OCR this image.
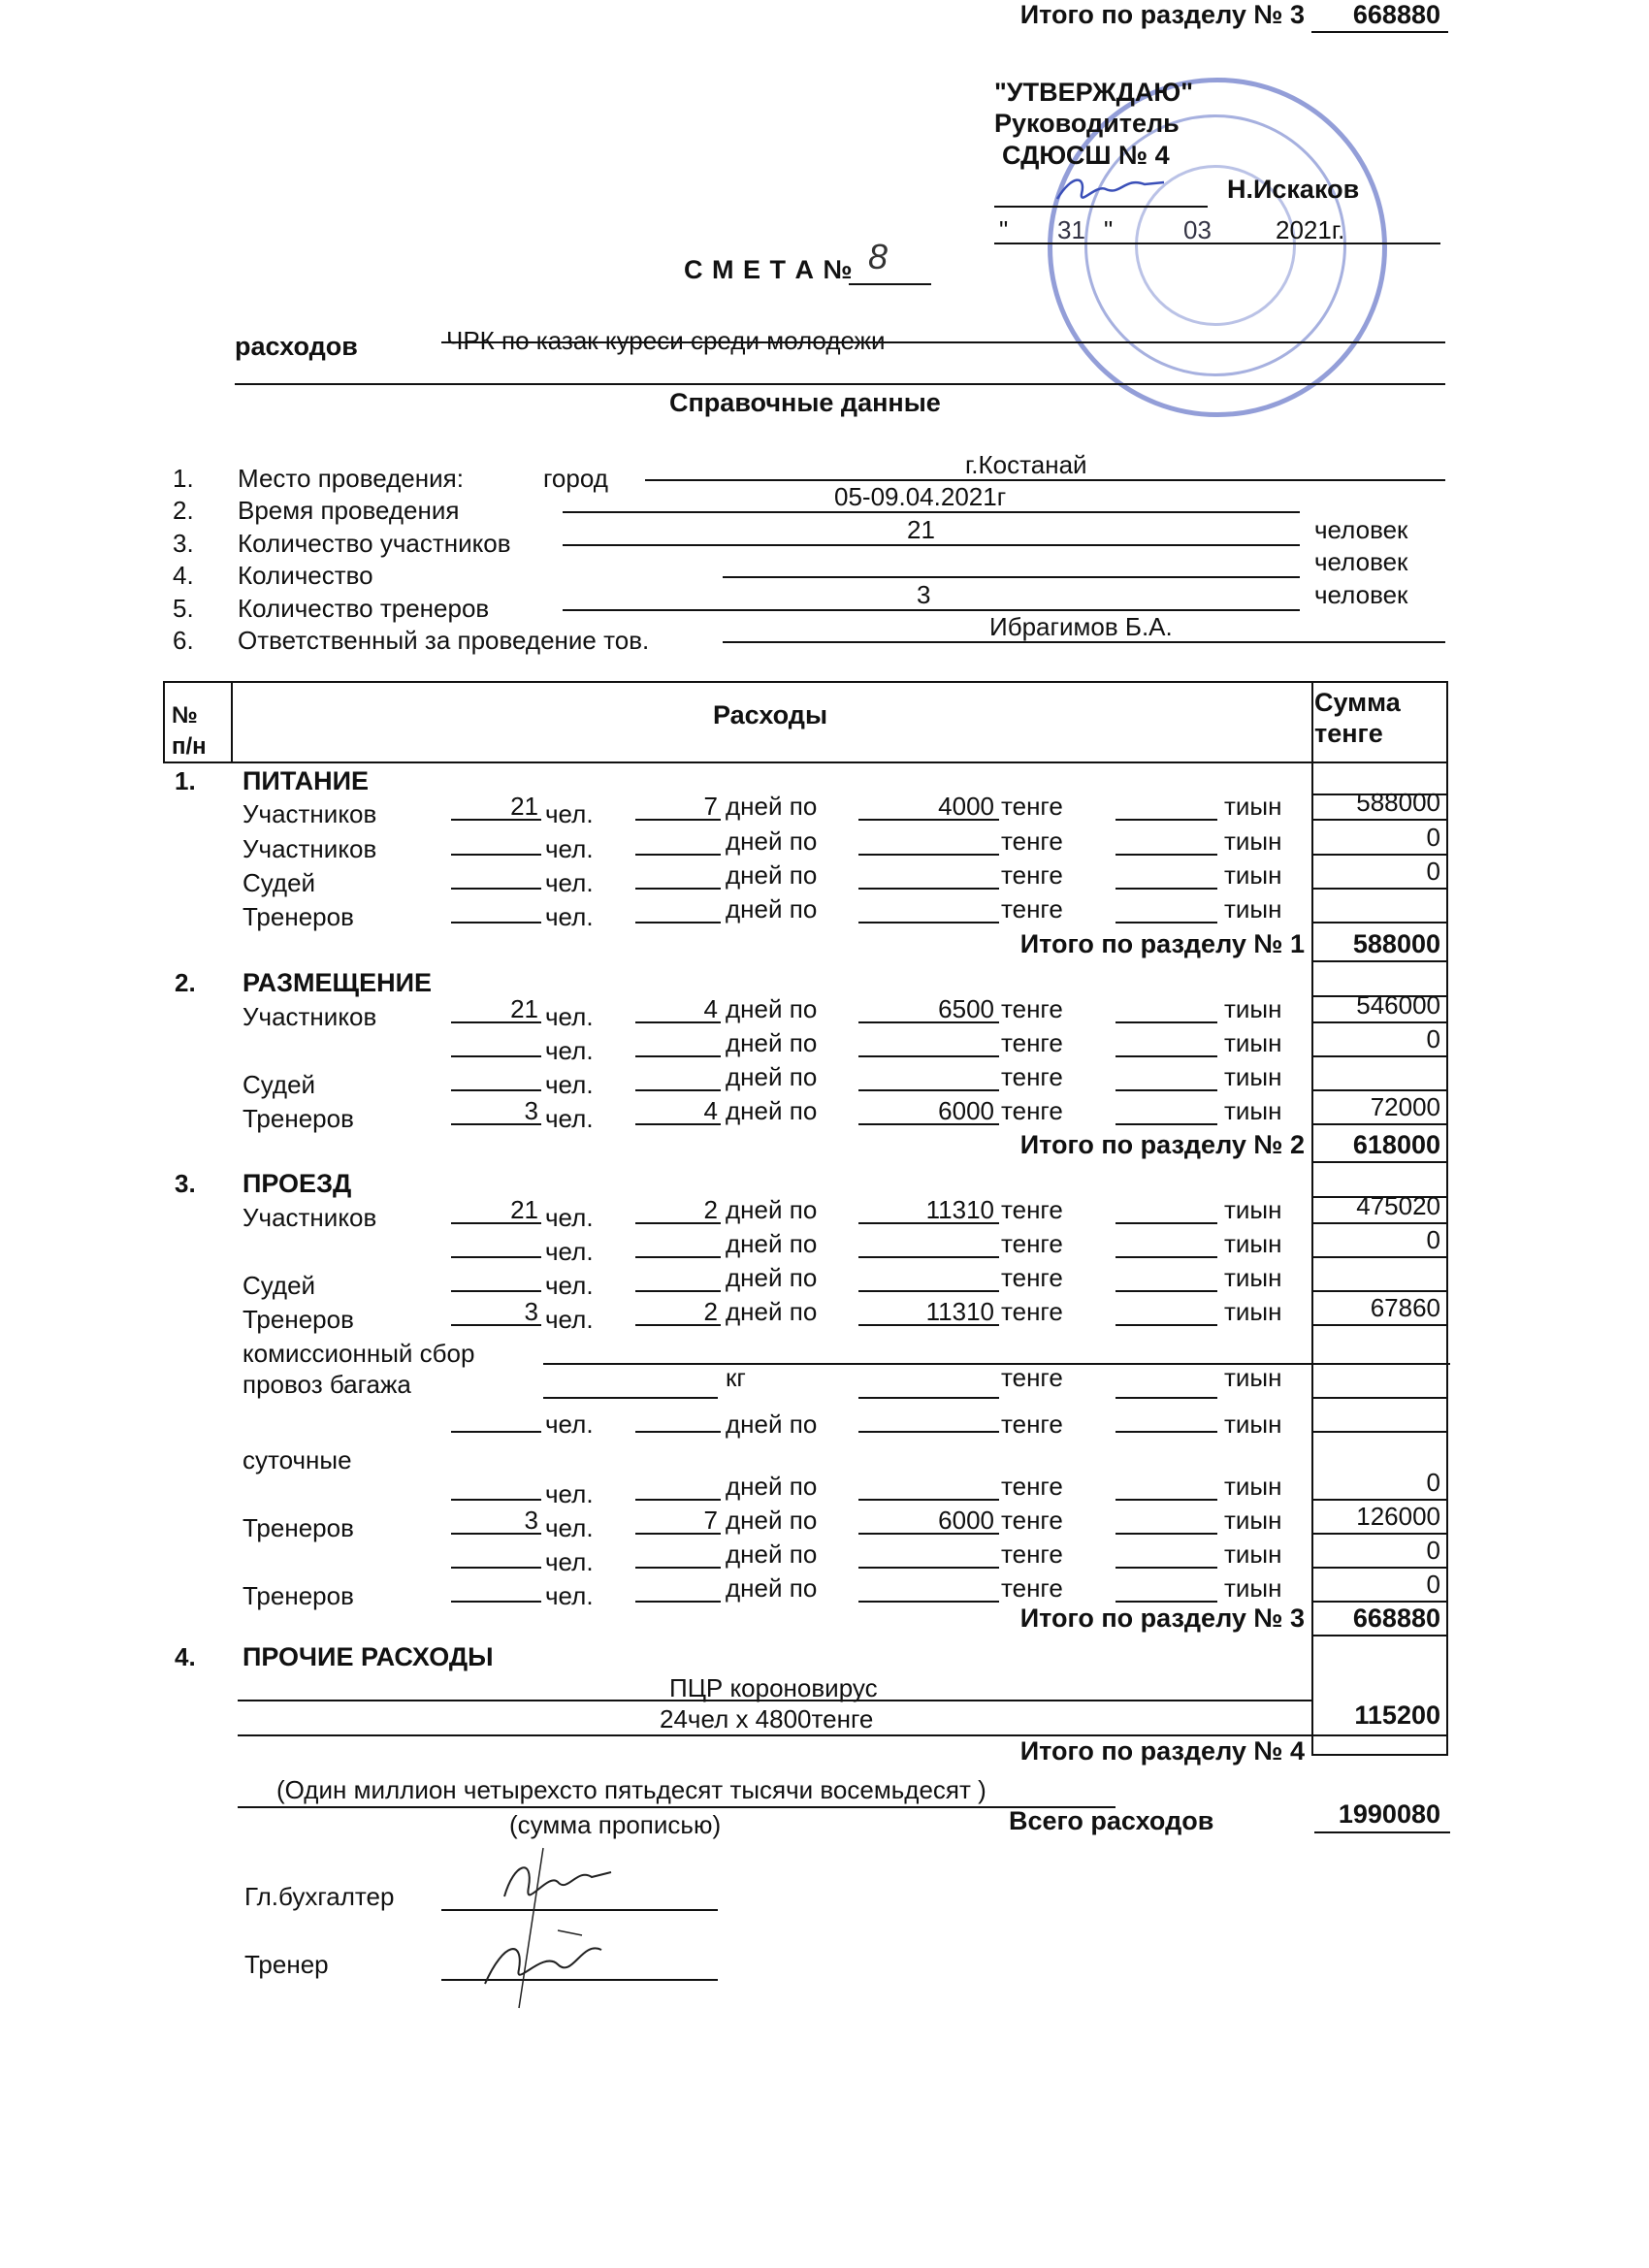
"УТВЕРЖДАЮ"
Руководитель
СДЮСШ № 4
Н.Искаков
" 31 "	03	2021г.
С М Е Т А № 8
расходов	ЧРК по казак куреси среди молодежи
Справочные данные
1. Место проведения:	город	г.Костанай
2. Время проведения	05-09.04.2021г
3. Количество участников	21	человек
4. Количество	человек
5. Количество тренеров	3	человек
6. Ответственный за проведение тов.	Ибрагимов Б.А.
№ п/н
Расходы	Сумма тенге
1. ПИТАНИЕ
Участников	21 чел.	7 дней по	4000 тенге	тиын	588000
Участников	чел.	дней по	тенге	тиын	0
Судей	чел.	дней по	тенге	тиын	0
Тренеров	чел.	дней по	тенге	тиын
Итого по разделу № 1	588000
2. РАЗМЕЩЕНИЕ
Участников	21 чел.	4 дней по	6500 тенге	тиын	546000
чел.	дней по	тенге	тиын	0
Судей	чел.	дней по	тенге	тиын
Тренеров	3 чел.	4 дней по	6000 тенге	тиын	72000
Итого по разделу № 2	618000
3. ПРОЕЗД
Участников	21 чел.	2 дней по	11310 тенге	тиын	475020
чел.	дней по	тенге	тиын	0
Судей	чел.	дней по	тенге	тиын
Тренеров	3 чел.	2 дней по	11310 тенге	тиын	67860
Итого по разделу № 3	668880
комиссионный сбор
провоз багажа	кг	тенге	тиын
чел.	дней по	тенге	тиын
суточные
чел.	дней по	тенге	тиын	0
Тренеров	3 чел.	7 дней по	6000 тенге	тиын	126000
чел.	дней по	тенге	тиын	0
Тренеров	чел.	дней по	тенге	тиын	0
Итого по разделу № 3	668880
4. ПРОЧИЕ РАСХОДЫ
ПЦР короновирус
24чел х 4800тенге	115200
Итого по разделу № 4
(Один миллион четырехсто пятьдесят тысячи восемьдесят )
(сумма прописью)	Всего расходов	1990080
Гл.бухгалтер
Тренер
